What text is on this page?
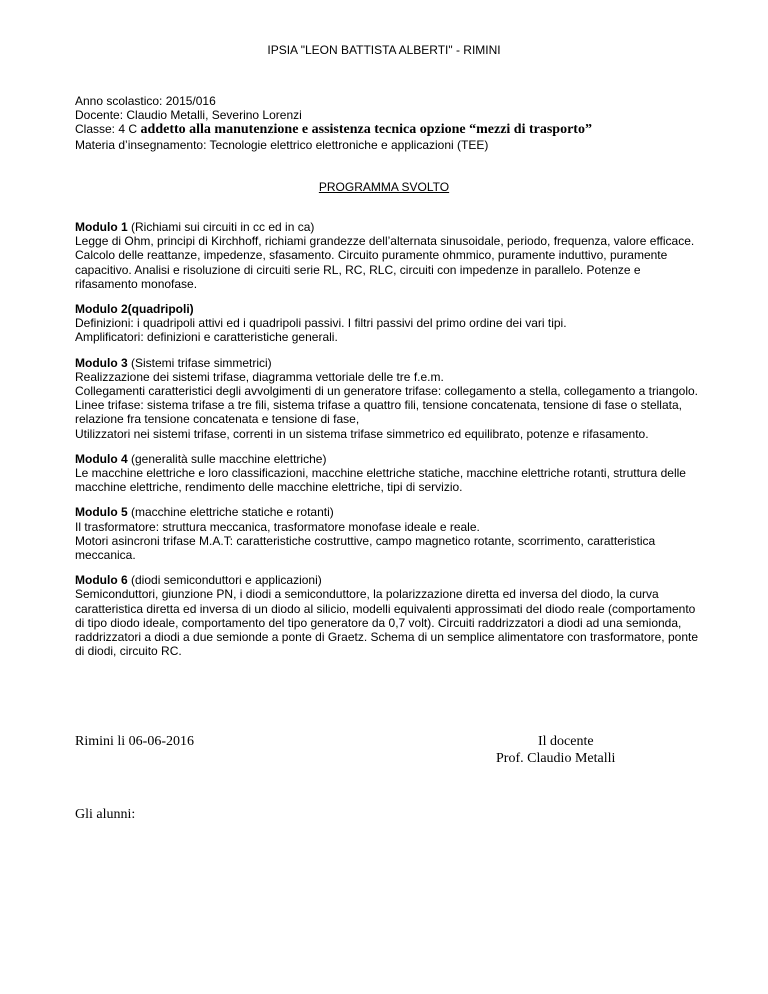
IPSIA "LEON BATTISTA ALBERTI" - RIMINI
Anno scolastico: 2015/016
Docente: Claudio Metalli, Severino Lorenzi
Classe: 4 C addetto alla manutenzione e assistenza tecnica opzione “mezzi di trasporto”
Materia d’insegnamento: Tecnologie elettrico elettroniche e applicazioni (TEE)
PROGRAMMA SVOLTO

Modulo 1 (Richiami sui circuiti in cc ed in ca)

Legge di Ohm, principi di Kirchhoff, richiami grandezze dell’alternata sinusoidale, periodo, frequenza, valore efficace. Calcolo delle reattanze, impedenze, sfasamento. Circuito puramente ohmmico, puramente induttivo, puramente capacitivo. Analisi e risoluzione di circuiti serie RL, RC, RLC, circuiti con impedenze in parallelo. Potenze e rifasamento monofase.

Modulo 2(quadripoli)

Definizioni: i quadripoli attivi ed i quadripoli passivi. I filtri passivi del primo ordine dei vari tipi.

Amplificatori: definizioni e caratteristiche generali.

Modulo 3 (Sistemi trifase simmetrici)

Realizzazione dei sistemi trifase, diagramma vettoriale delle tre f.e.m.

Collegamenti caratteristici degli avvolgimenti di un generatore trifase: collegamento a stella, collegamento a triangolo. Linee trifase: sistema trifase a tre fili, sistema trifase a quattro fili, tensione concatenata, tensione di fase o stellata, relazione fra tensione concatenata e tensione di fase,

Utilizzatori nei sistemi trifase, correnti in un sistema trifase simmetrico ed equilibrato, potenze e rifasamento.

Modulo 4 (generalità sulle macchine elettriche)

Le macchine elettriche e loro classificazioni, macchine elettriche statiche, macchine elettriche rotanti, struttura delle macchine elettriche, rendimento delle macchine elettriche, tipi di servizio.

Modulo 5 (macchine elettriche statiche e rotanti)

Il trasformatore: struttura meccanica, trasformatore monofase ideale e reale.

Motori asincroni trifase M.A.T: caratteristiche costruttive, campo magnetico rotante, scorrimento, caratteristica meccanica.

Modulo 6 (diodi semiconduttori e applicazioni)

Semiconduttori, giunzione PN, i diodi a semiconduttore, la polarizzazione diretta ed inversa del diodo, la curva caratteristica diretta ed inversa di un diodo al silicio, modelli equivalenti approssimati del diodo reale (comportamento di tipo diodo ideale, comportamento del tipo generatore da 0,7 volt). Circuiti raddrizzatori a diodi ad una semionda, raddrizzatori a diodi a due semionde a ponte di Graetz. Schema di un semplice alimentatore con trasformatore, ponte di diodi, circuito RC.

Rimini li 06-06-2016	Il docente
Prof. Claudio Metalli
Gli alunni:
